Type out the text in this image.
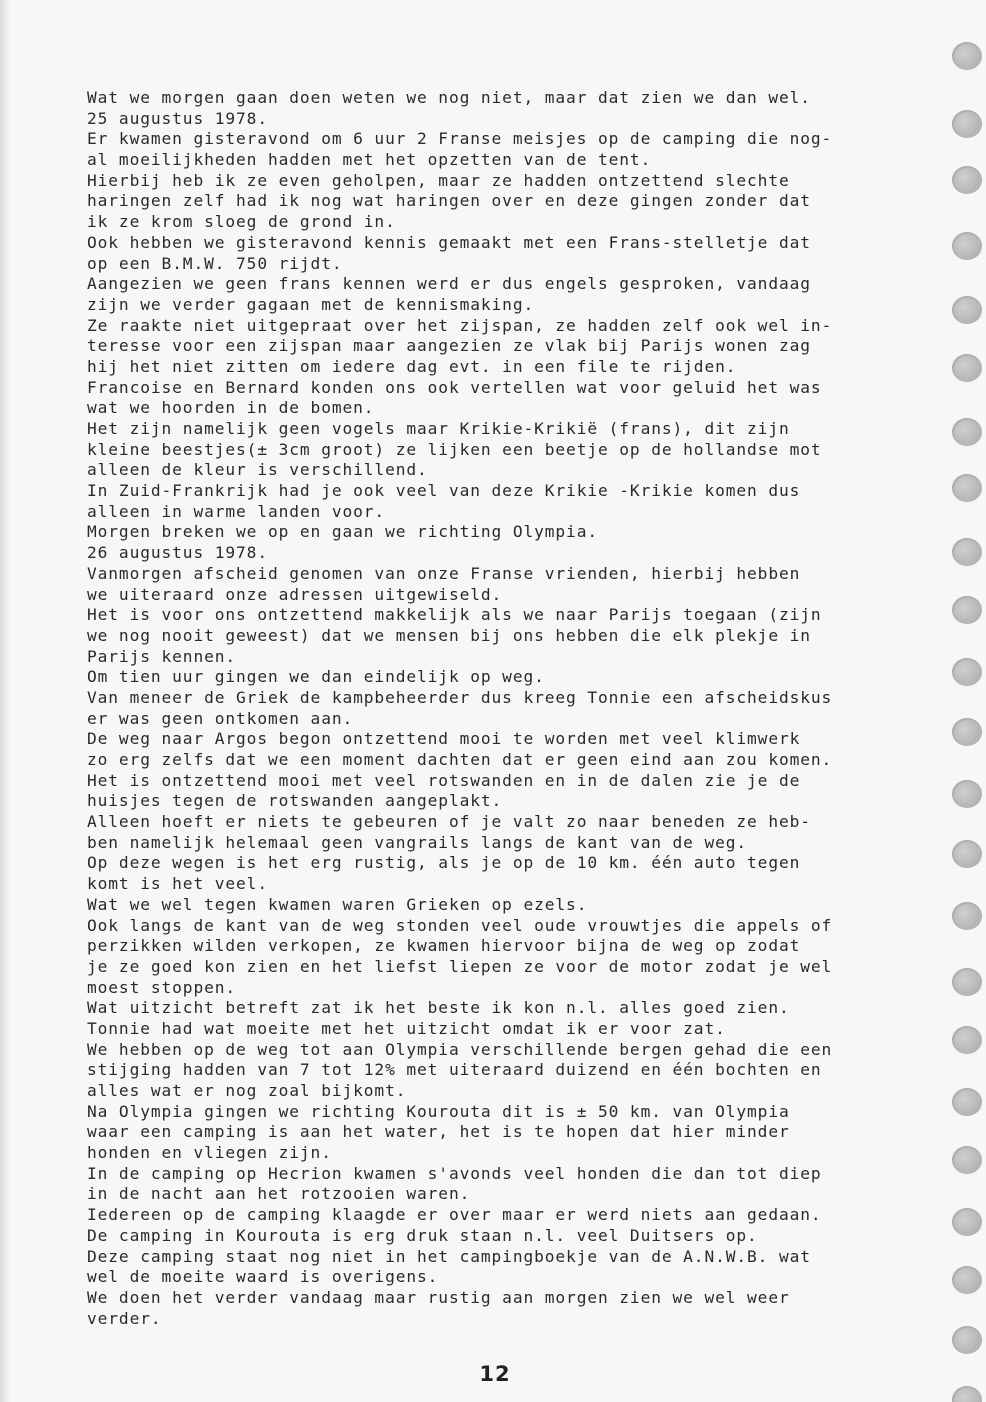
Wat we morgen gaan doen weten we nog niet, maar dat zien we dan wel.
25 augustus 1978.
Er kwamen gisteravond om 6 uur 2 Franse meisjes op de camping die nog-
al moeilijkheden hadden met het opzetten van de tent.
Hierbij heb ik ze even geholpen, maar ze hadden ontzettend slechte
haringen zelf had ik nog wat haringen over en deze gingen zonder dat
ik ze krom sloeg de grond in.
Ook hebben we gisteravond kennis gemaakt met een Frans-stelletje dat
op een B.M.W. 750 rijdt.
Aangezien we geen frans kennen werd er dus engels gesproken, vandaag
zijn we verder gagaan met de kennismaking.
Ze raakte niet uitgepraat over het zijspan, ze hadden zelf ook wel in-
teresse voor een zijspan maar aangezien ze vlak bij Parijs wonen zag
hij het niet zitten om iedere dag evt. in een file te rijden.
Francoise en Bernard konden ons ook vertellen wat voor geluid het was
wat we hoorden in de bomen.
Het zijn namelijk geen vogels maar Krikie-Krikië (frans), dit zijn
kleine beestjes(± 3cm groot) ze lijken een beetje op de hollandse mot
alleen de kleur is verschillend.
In Zuid-Frankrijk had je ook veel van deze Krikie -Krikie komen dus
alleen in warme landen voor.
Morgen breken we op en gaan we richting Olympia.
26 augustus 1978.
Vanmorgen afscheid genomen van onze Franse vrienden, hierbij hebben
we uiteraard onze adressen uitgewiseld.
Het is voor ons ontzettend makkelijk als we naar Parijs toegaan (zijn
we nog nooit geweest) dat we mensen bij ons hebben die elk plekje in
Parijs kennen.
Om tien uur gingen we dan eindelijk op weg.
Van meneer de Griek de kampbeheerder dus kreeg Tonnie een afscheidskus
er was geen ontkomen aan.
De weg naar Argos begon ontzettend mooi te worden met veel klimwerk
zo erg zelfs dat we een moment dachten dat er geen eind aan zou komen.
Het is ontzettend mooi met veel rotswanden en in de dalen zie je de
huisjes tegen de rotswanden aangeplakt.
Alleen hoeft er niets te gebeuren of je valt zo naar beneden ze heb-
ben namelijk helemaal geen vangrails langs de kant van de weg.
Op deze wegen is het erg rustig, als je op de 10 km. één auto tegen
komt is het veel.
Wat we wel tegen kwamen waren Grieken op ezels.
Ook langs de kant van de weg stonden veel oude vrouwtjes die appels of
perzikken wilden verkopen, ze kwamen hiervoor bijna de weg op zodat
je ze goed kon zien en het liefst liepen ze voor de motor zodat je wel
moest stoppen.
Wat uitzicht betreft zat ik het beste ik kon n.l. alles goed zien.
Tonnie had wat moeite met het uitzicht omdat ik er voor zat.
We hebben op de weg tot aan Olympia verschillende bergen gehad die een
stijging hadden van 7 tot 12% met uiteraard duizend en één bochten en
alles wat er nog zoal bijkomt.
Na Olympia gingen we richting Kourouta dit is ± 50 km. van Olympia
waar een camping is aan het water, het is te hopen dat hier minder
honden en vliegen zijn.
In de camping op Hecrion kwamen s'avonds veel honden die dan tot diep
in de nacht aan het rotzooien waren.
Iedereen op de camping klaagde er over maar er werd niets aan gedaan.
De camping in Kourouta is erg druk staan n.l. veel Duitsers op.
Deze camping staat nog niet in het campingboekje van de A.N.W.B. wat
wel de moeite waard is overigens.
We doen het verder vandaag maar rustig aan morgen zien we wel weer
verder.
12
